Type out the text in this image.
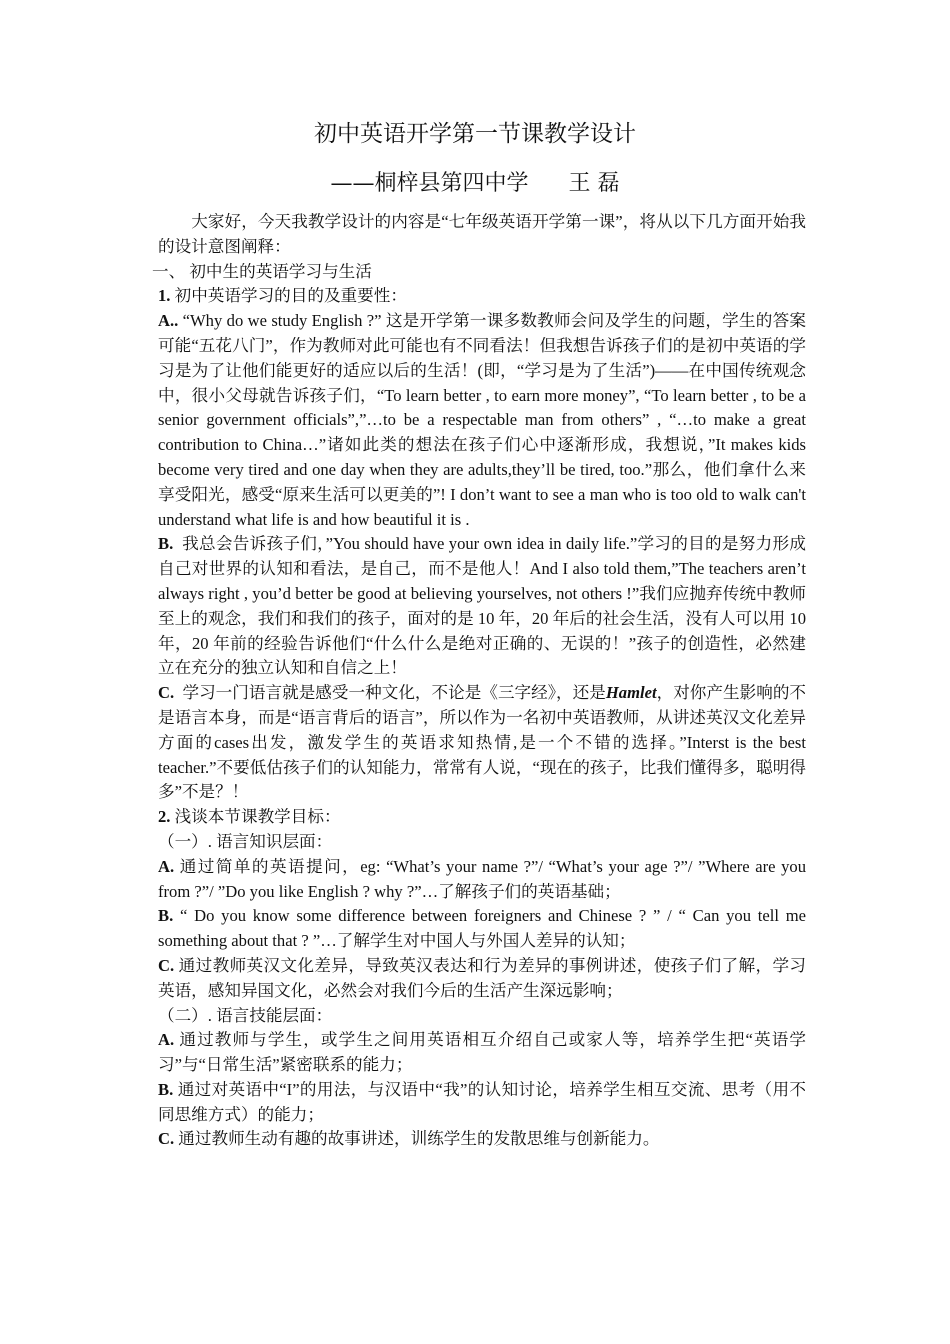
初中英语开学第一节课教学设计
——桐梓县第四中学 王 磊

大家好，今天我教学设计的内容是“七年级英语开学第一课”，将从以下几方面开始我的设计意图阐释：

一、 初中生的英语学习与生活

1. 初中英语学习的目的及重要性：

A.. “Why do we study English ?” 这是开学第一课多数教师会问及学生的问题，学生的答案可能“五花八门”，作为教师对此可能也有不同看法！但我想告诉孩子们的是初中英语的学习是为了让他们能更好的适应以后的生活！(即，“学习是为了生活”)——在中国传统观念中，很小父母就告诉孩子们，“To learn better , to earn more money”, “To learn better , to be a senior government officials”,”…to be a respectable man from others” , “…to make a great contribution to China…”诸如此类的想法在孩子们心中逐渐形成，我想说，”It makes kids become very tired and one day when they are adults,they’ll be tired, too.”那么，他们拿什么来享受阳光，感受“原来生活可以更美的”! I don’t want to see a man who is too old to walk can't understand what life is and how beautiful it is .

B. 我总会告诉孩子们，”You should have your own idea in daily life.”学习的目的是努力形成自己对世界的认知和看法，是自己，而不是他人！And I also told them,”The teachers aren’t always right , you’d better be good at believing yourselves, not others !”我们应抛弃传统中教师至上的观念，我们和我们的孩子，面对的是 10 年，20 年后的社会生活，没有人可以用 10 年，20 年前的经验告诉他们“什么什么是绝对正确的、无误的！”孩子的创造性，必然建立在充分的独立认知和自信之上！

C. 学习一门语言就是感受一种文化，不论是《三字经》，还是Hamlet，对你产生影响的不是语言本身，而是“语言背后的语言”，所以作为一名初中英语教师，从讲述英汉文化差异方面的cases出发，激发学生的英语求知热情,是一个不错的选择。”Interst is the best teacher.”不要低估孩子们的认知能力，常常有人说，“现在的孩子，比我们懂得多，聪明得多”不是？！

2. 浅谈本节课教学目标：

（一）. 语言知识层面：

A. 通过简单的英语提问，eg: “What’s your name ?”/ “What’s your age ?”/ ”Where are you from ?”/ ”Do you like English ? why ?”…了解孩子们的英语基础；

B. “ Do you know some difference between foreigners and Chinese ? ” / “ Can you tell me something about that ? ”…了解学生对中国人与外国人差异的认知；

C. 通过教师英汉文化差异，导致英汉表达和行为差异的事例讲述，使孩子们了解，学习英语，感知异国文化，必然会对我们今后的生活产生深远影响；

（二）. 语言技能层面：

A. 通过教师与学生，或学生之间用英语相互介绍自己或家人等，培养学生把“英语学习”与“日常生活”紧密联系的能力；

B. 通过对英语中“I”的用法，与汉语中“我”的认知讨论，培养学生相互交流、思考（用不同思维方式）的能力；

C. 通过教师生动有趣的故事讲述，训练学生的发散思维与创新能力。
